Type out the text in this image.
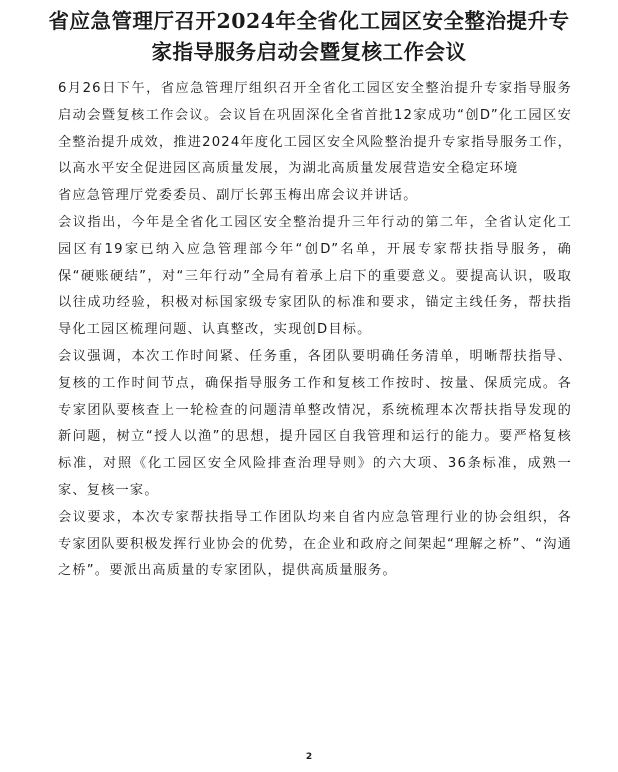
省应急管理厅召开2024年全省化工园区安全整治提升专家指导服务启动会暨复核工作会议

6月26日下午，省应急管理厅组织召开全省化工园区安全整治提升专家指导服务启动会暨复核工作会议。会议旨在巩固深化全省首批12家成功“创D”化工园区安全整治提升成效，推进2024年度化工园区安全风险整治提升专家指导服务工作，以高水平安全促进园区高质量发展，为湖北高质量发展营造安全稳定环境

省应急管理厅党委委员、副厅长郭玉梅出席会议并讲话。

会议指出，今年是全省化工园区安全整治提升三年行动的第二年，全省认定化工园区有19家已纳入应急管理部今年“创D”名单，开展专家帮扶指导服务，确保“硬账硬结”，对“三年行动”全局有着承上启下的重要意义。要提高认识，吸取以往成功经验，积极对标国家级专家团队的标准和要求，锚定主线任务，帮扶指导化工园区梳理问题、认真整改，实现创D目标。

会议强调，本次工作时间紧、任务重，各团队要明确任务清单，明晰帮扶指导、复核的工作时间节点，确保指导服务工作和复核工作按时、按量、保质完成。各专家团队要核查上一轮检查的问题清单整改情况，系统梳理本次帮扶指导发现的新问题，树立“授人以渔”的思想，提升园区自我管理和运行的能力。要严格复核标准，对照《化工园区安全风险排查治理导则》的六大项、36条标准，成熟一家、复核一家。

会议要求，本次专家帮扶指导工作团队均来自省内应急管理行业的协会组织，各专家团队要积极发挥行业协会的优势，在企业和政府之间架起“理解之桥”、“沟通之桥”。要派出高质量的专家团队，提供高质量服务。

2
